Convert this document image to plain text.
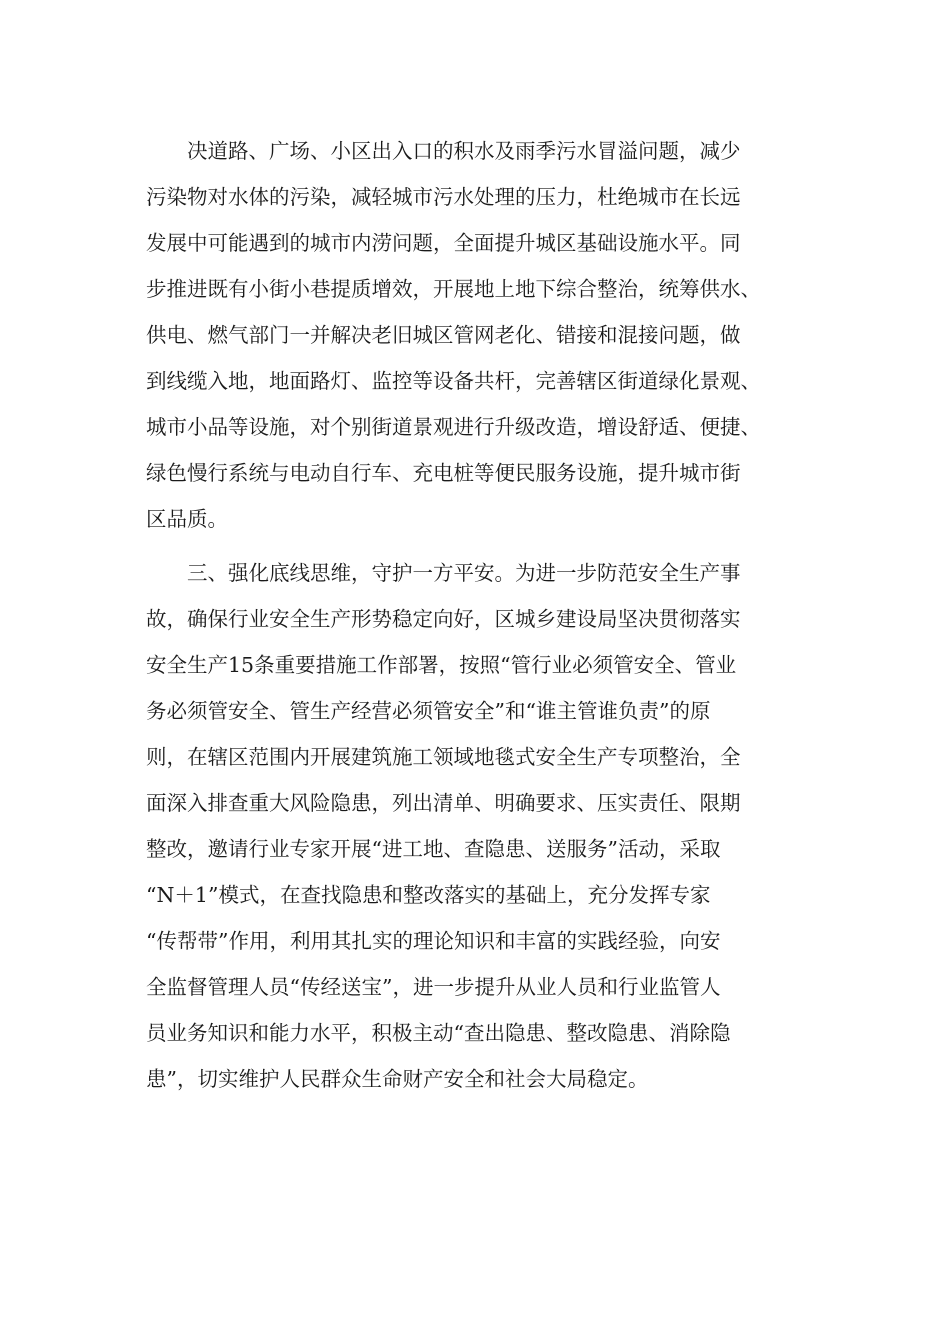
　　决道路、广场、小区出入口的积水及雨季污水冒溢问题，减少
污染物对水体的污染，减轻城市污水处理的压力，杜绝城市在长远
发展中可能遇到的城市内涝问题，全面提升城区基础设施水平。同
步推进既有小街小巷提质增效，开展地上地下综合整治，统筹供水、
供电、燃气部门一并解决老旧城区管网老化、错接和混接问题，做
到线缆入地，地面路灯、监控等设备共杆，完善辖区街道绿化景观、
城市小品等设施，对个别街道景观进行升级改造，增设舒适、便捷、
绿色慢行系统与电动自行车、充电桩等便民服务设施，提升城市街
区品质。
　　三、强化底线思维，守护一方平安。为进一步防范安全生产事
故，确保行业安全生产形势稳定向好，区城乡建设局坚决贯彻落实
安全生产15条重要措施工作部署，按照“管行业必须管安全、管业
务必须管安全、管生产经营必须管安全”和“谁主管谁负责”的原
则，在辖区范围内开展建筑施工领域地毯式安全生产专项整治，全
面深入排查重大风险隐患，列出清单、明确要求、压实责任、限期
整改，邀请行业专家开展“进工地、查隐患、送服务”活动，采取
“N＋1”模式，在查找隐患和整改落实的基础上，充分发挥专家
“传帮带”作用，利用其扎实的理论知识和丰富的实践经验，向安
全监督管理人员“传经送宝”，进一步提升从业人员和行业监管人
员业务知识和能力水平，积极主动“查出隐患、整改隐患、消除隐
患”，切实维护人民群众生命财产安全和社会大局稳定。
